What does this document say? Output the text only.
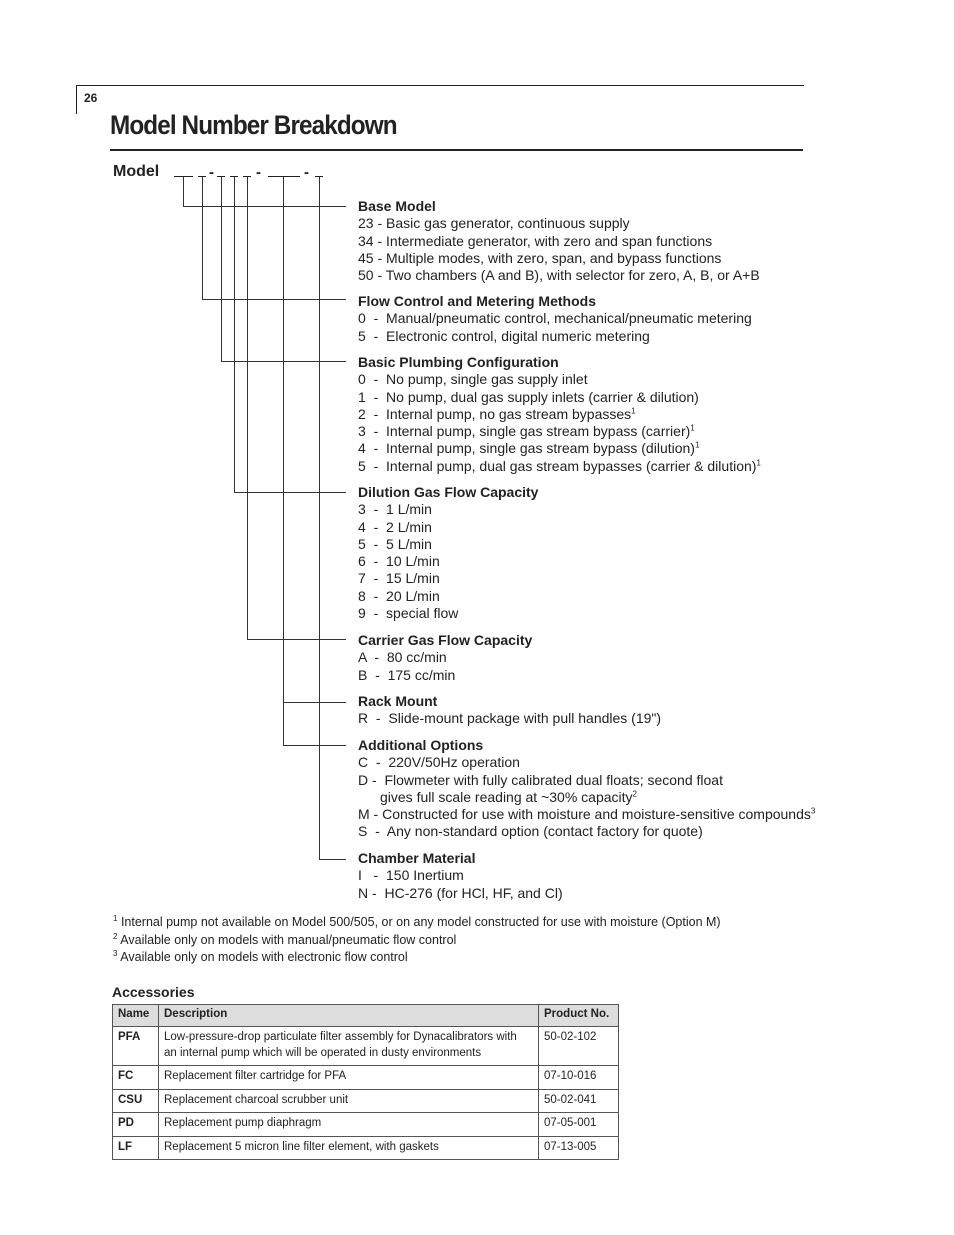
26
Model Number Breakdown
Model	-	-	-
Base Model
23 - Basic gas generator, continuous supply
34 - Intermediate generator, with zero and span functions
45 - Multiple modes, with zero, span, and bypass functions
50 - Two chambers (A and B), with selector for zero, A, B, or A+B
Flow Control and Metering Methods
0  -  Manual/pneumatic control, mechanical/pneumatic metering
5  -  Electronic control, digital numeric metering
Basic Plumbing Configuration
0  -  No pump, single gas supply inlet
1  -  No pump, dual gas supply inlets (carrier & dilution)
2  -  Internal pump, no gas stream bypasses$^1$
3  -  Internal pump, single gas stream bypass (carrier)$^1$
4  -  Internal pump, single gas stream bypass (dilution)$^1$
5  -  Internal pump, dual gas stream bypasses (carrier & dilution)$^1$
Dilution Gas Flow Capacity
3  -  1 L/min
4  -  2 L/min
5  -  5 L/min
6  -  10 L/min
7  -  15 L/min
8  -  20 L/min
9  -  special flow
Carrier Gas Flow Capacity
A  -  80 cc/min
B  -  175 cc/min
Rack Mount
R  -  Slide-mount package with pull handles (19")
Additional Options
C  -  220V/50Hz operation
D -  Flowmeter with fully calibrated dual floats; second float
gives full scale reading at ~30% capacity$^2$
M - Constructed for use with moisture and moisture-sensitive compounds$^3$
S  -  Any non-standard option (contact factory for quote)
Chamber Material
I   -  150 Inertium
N -  HC-276 (for HCl, HF, and Cl)
$^1$ Internal pump not available on Model 500/505, or on any model constructed for use with moisture (Option M)
$^2$ Available only on models with manual/pneumatic flow control
$^3$ Available only on models with electronic flow control
Accessories
Name	Description	Product No.
PFA	Low-pressure-drop particulate filter assembly for Dynacalibrators with an internal pump which will be operated in dusty environments	50-02-102
FC	Replacement filter cartridge for PFA	07-10-016
CSU	Replacement charcoal scrubber unit	50-02-041
PD	Replacement pump diaphragm	07-05-001
LF	Replacement 5 micron line filter element, with gaskets	07-13-005
